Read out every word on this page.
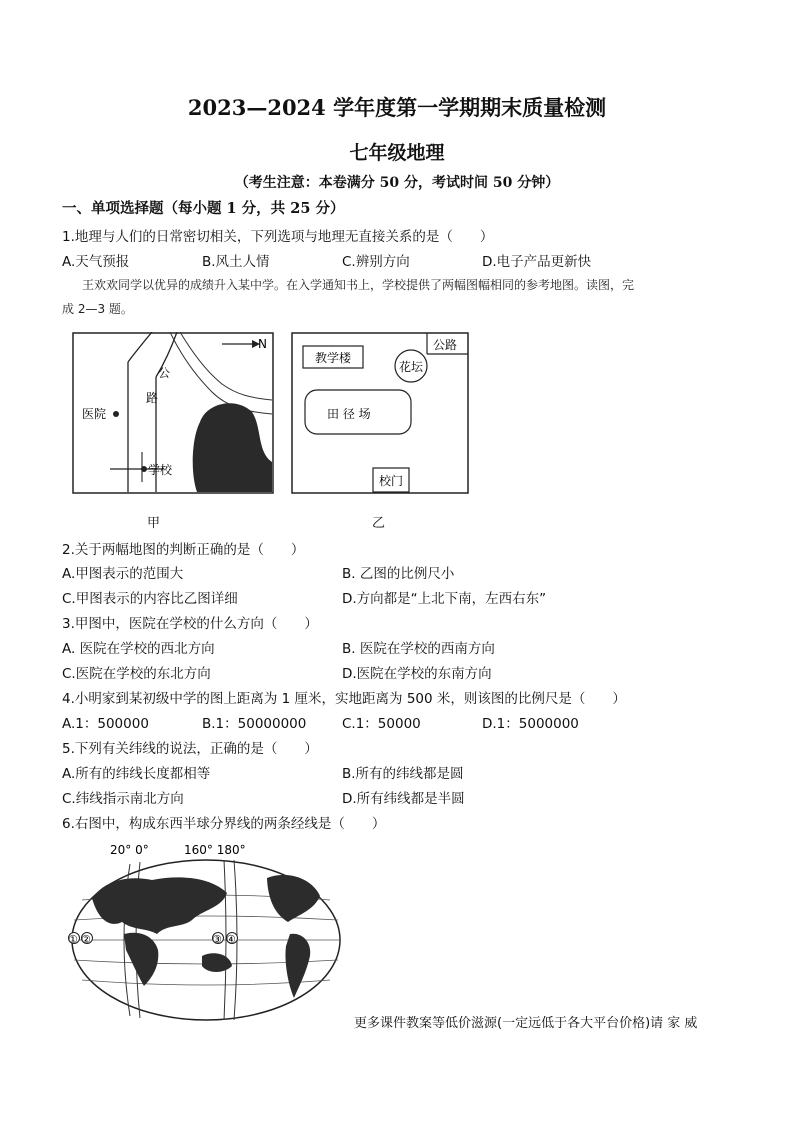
2023—2024 学年度第一学期期末质量检测
七年级地理
（考生注意：本卷满分 50 分，考试时间 50 分钟）
一、单项选择题（每小题 1 分，共 25 分）
1.地理与人们的日常密切相关，下列选项与地理无直接关系的是（　　）
A.天气预报	B.风土人情	C.辨别方向	D.电子产品更新快
王欢欢同学以优异的成绩升入某中学。在入学通知书上，学校提供了两幅图幅相同的参考地图。读图，完
成 2—3 题。
N
公
路
医院
学校
甲
教学楼
花坛
公路
田 径 场
校门
乙
2.关于两幅地图的判断正确的是（　　）
A.甲图表示的范围大	B. 乙图的比例尺小
C.甲图表示的内容比乙图详细	D.方向都是“上北下南，左西右东”
3.甲图中，医院在学校的什么方向（　　）
A. 医院在学校的西北方向	B. 医院在学校的西南方向
C.医院在学校的东北方向	D.医院在学校的东南方向
4.小明家到某初级中学的图上距离为 1 厘米，实地距离为 500 米，则该图的比例尺是（　　）
A.1：500000	B.1：50000000	C.1：50000	D.1：5000000
5.下列有关纬线的说法，正确的是（　　）
A.所有的纬线长度都相等	B.所有的纬线都是圆
C.纬线指示南北方向	D.所有纬线都是半圆
6.右图中，构成东西半球分界线的两条经线是（　　）
20° 0°	160° 180°
① ②	③ ④
更多课件教案等低价滋源(一定远低于各大平台价格)请 家 威
